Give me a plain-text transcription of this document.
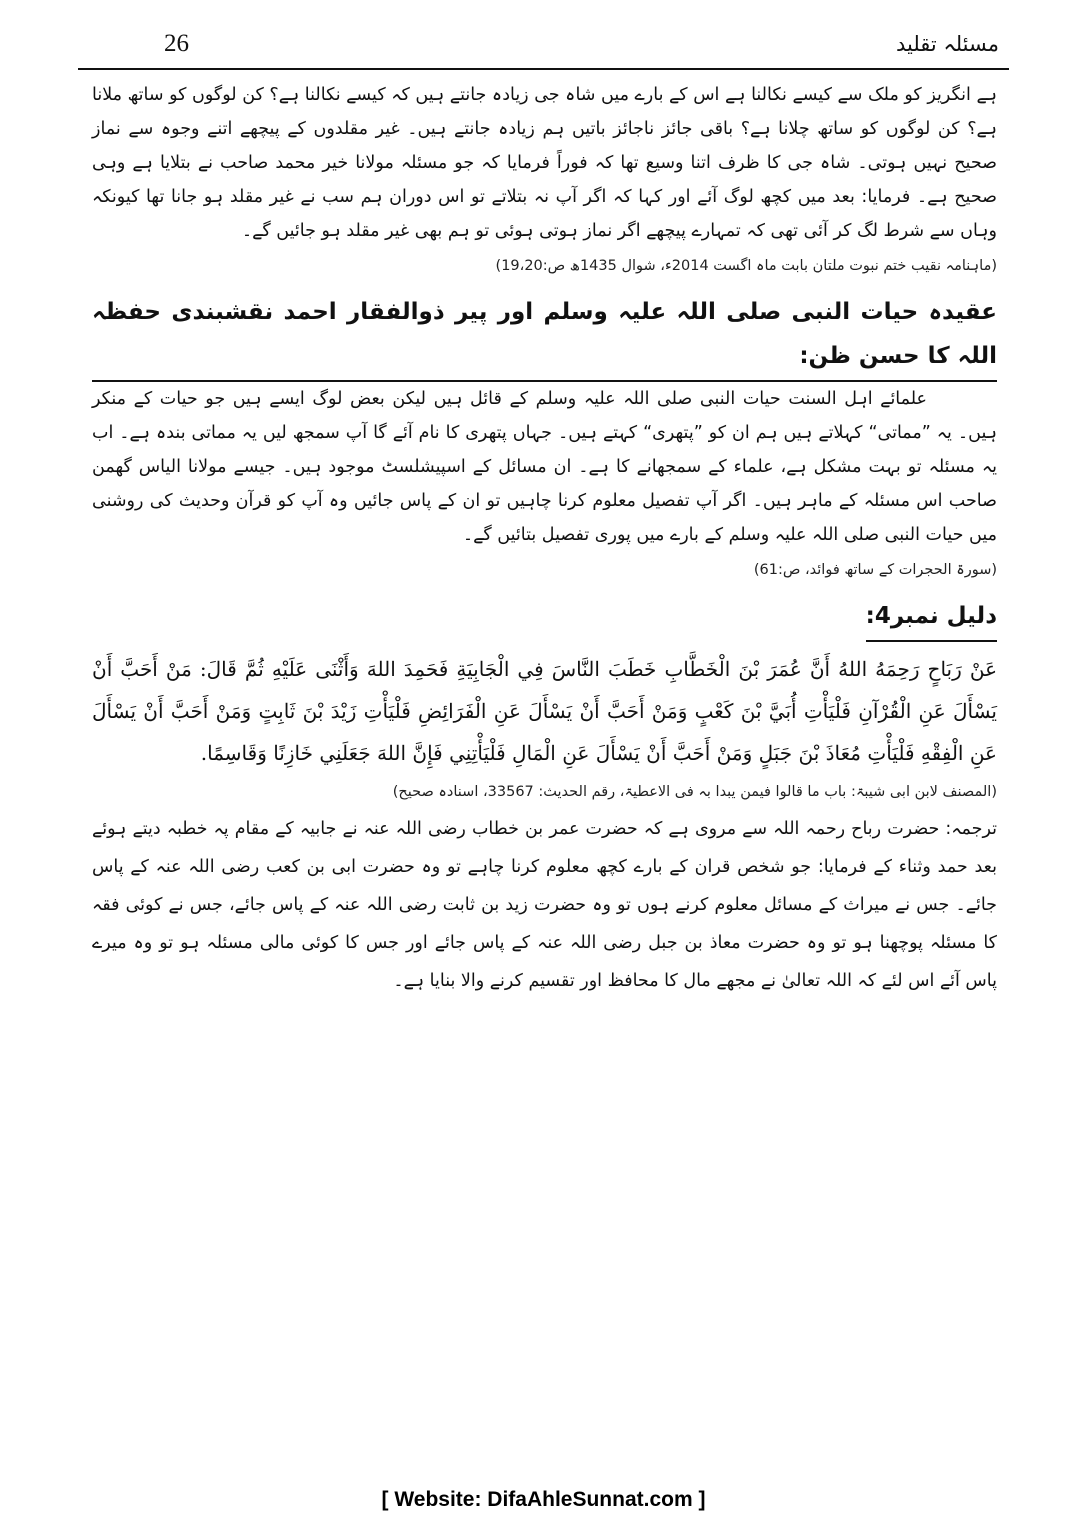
26	مسئلہ تقلید

ہے انگریز کو ملک سے کیسے نکالنا ہے اس کے بارے میں شاہ جی زیادہ جانتے ہیں کہ کیسے نکالنا ہے؟ کن لوگوں کو ساتھ ملانا ہے؟ کن لوگوں کو ساتھ چلانا ہے؟ باقی جائز ناجائز باتیں ہم زیادہ جانتے ہیں۔ غیر مقلدوں کے پیچھے اتنے وجوہ سے نماز صحیح نہیں ہوتی۔ شاہ جی کا ظرف اتنا وسیع تھا کہ فوراً فرمایا کہ جو مسئلہ مولانا خیر محمد صاحب نے بتلایا ہے وہی صحیح ہے۔ فرمایا: بعد میں کچھ لوگ آئے اور کہا کہ اگر آپ نہ بتلاتے تو اس دوران ہم سب نے غیر مقلد ہو جانا تھا کیونکہ وہاں سے شرط لگ کر آئی تھی کہ تمہارے پیچھے اگر نماز ہوتی ہوئی تو ہم بھی غیر مقلد ہو جائیں گے۔

(ماہنامہ نقیب ختم نبوت ملتان بابت ماہ اگست 2014ء، شوال 1435ھ ص:19،20)

عقیدہ حیات النبی صلی اللہ علیہ وسلم اور پیر ذوالفقار احمد نقشبندی حفظہ اللہ کا حسن ظن:

علمائے اہل السنت حیات النبی صلی اللہ علیہ وسلم کے قائل ہیں لیکن بعض لوگ ایسے ہیں جو حیات کے منکر ہیں۔ یہ ”مماتی“ کہلاتے ہیں ہم ان کو ”پتھری“ کہتے ہیں۔ جہاں پتھری کا نام آئے گا آپ سمجھ لیں یہ مماتی بندہ ہے۔ اب یہ مسئلہ تو بہت مشکل ہے، علماء کے سمجھانے کا ہے۔ ان مسائل کے اسپیشلسٹ موجود ہیں۔ جیسے مولانا الیاس گھمن صاحب اس مسئلہ کے ماہر ہیں۔ اگر آپ تفصیل معلوم کرنا چاہیں تو ان کے پاس جائیں وہ آپ کو قرآن وحدیث کی روشنی میں حیات النبی صلی اللہ علیہ وسلم کے بارے میں پوری تفصیل بتائیں گے۔

(سورۃ الحجرات کے ساتھ فوائد، ص:61)

دلیل نمبر4:

عَنْ رَبَاحٍ رَحِمَهُ اللهُ أَنَّ عُمَرَ بْنَ الْخَطَّابِ خَطَبَ النَّاسَ فِي الْجَابِيَةِ فَحَمِدَ اللهَ وَأَثْنَى عَلَيْهِ ثُمَّ قَالَ: مَنْ أَحَبَّ أَنْ يَسْأَلَ عَنِ الْقُرْآنِ فَلْيَأْتِ أُبَيَّ بْنَ كَعْبٍ وَمَنْ أَحَبَّ أَنْ يَسْأَلَ عَنِ الْفَرَائِضِ فَلْيَأْتِ زَيْدَ بْنَ ثَابِتٍ وَمَنْ أَحَبَّ أَنْ يَسْأَلَ عَنِ الْفِقْهِ فَلْيَأْتِ مُعَاذَ بْنَ جَبَلٍ وَمَنْ أَحَبَّ أَنْ يَسْأَلَ عَنِ الْمَالِ فَلْيَأْتِنِي فَإِنَّ اللهَ جَعَلَنِي خَازِنًا وَقَاسِمًا.

(المصنف لابن ابی شیبۃ: باب ما قالوا فیمن یبدا بہ فی الاعطیۃ، رقم الحدیث: 33567، اسنادہ صحیح)

ترجمہ: حضرت رباح رحمہ اللہ سے مروی ہے کہ حضرت عمر بن خطاب رضی اللہ عنہ نے جابیہ کے مقام پہ خطبہ دیتے ہوئے بعد حمد وثناء کے فرمایا: جو شخص قران کے بارے کچھ معلوم کرنا چاہے تو وہ حضرت ابی بن کعب رضی اللہ عنہ کے پاس جائے۔ جس نے میراث کے مسائل معلوم کرنے ہوں تو وہ حضرت زید بن ثابت رضی اللہ عنہ کے پاس جائے، جس نے کوئی فقہ کا مسئلہ پوچھنا ہو تو وہ حضرت معاذ بن جبل رضی اللہ عنہ کے پاس جائے اور جس کا کوئی مالی مسئلہ ہو تو وہ میرے پاس آئے اس لئے کہ اللہ تعالیٰ نے مجھے مال کا محافظ اور تقسیم کرنے والا بنایا ہے۔

[ Website: DifaAhleSunnat.com ]
